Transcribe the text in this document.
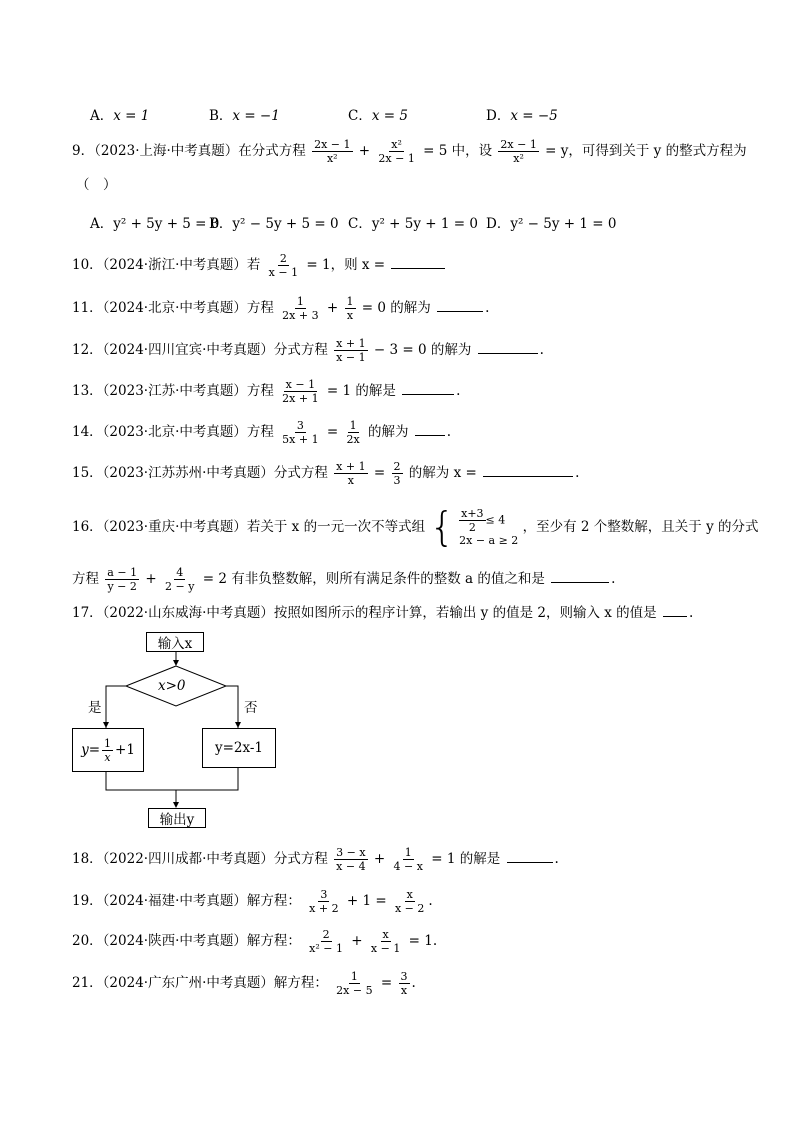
A．x = 1	B．x = −1	C．x = 5	D．x = −5
9．（2023·上海·中考真题）在分式方程 $\frac{2x - 1}{\text{x²}} + \frac{\text{x²}}{2x - 1} = 5$ 中，设 $\frac{2x - 1}{\text{x²}} = y$，可得到关于 y 的整式方程为
（　）
A．y² + 5y + 5 = 0
B．y² − 5y + 5 = 0 C．y² + 5y + 1 = 0 D．y² − 5y + 1 = 0
10．（2024·浙江·中考真题）若 $\frac{2}{x - 1} = 1$，则 x =
11．（2024·北京·中考真题）方程 $\frac{1}{2x + 3} + \frac{1}{x} = 0$ 的解为	.
12．（2024·四川宜宾·中考真题）分式方程 $\frac{x + 1}{x - 1} - 3 = 0$ 的解为	.
13．（2023·江苏·中考真题）方程 $\frac{x - 1}{2x + 1} = 1$ 的解是	.
14．（2023·北京·中考真题）方程 $\frac{3}{5x + 1} = \frac{1}{2x}$ 的解为	.
15．（2023·江苏苏州·中考真题）分式方程 $\frac{x + 1}{x} = \frac{2}{3}$ 的解为 x =	.
16．（2023·重庆·中考真题）若关于 x 的一元一次不等式组 { $\frac{x+3}{2} \le 4$
2x − a ≥ 2
，至少有 2 个整数解，且关于 y 的分式
方程 $\frac{a - 1}{y - 2} + \frac{4}{2 - y} = 2$ 有非负整数解，则所有满足条件的整数 a 的值之和是	.
17．（2022·山东威海·中考真题）按照如图所示的程序计算，若输出 y 的值是 2，则输入 x 的值是 .
输入x
x>0
是	否
$y= \frac{1}{x} +1$	y=2x-1
输出y
18．（2022·四川成都·中考真题）分式方程 $\frac{3 - x}{x - 4} + \frac{1}{4 - x} = 1$ 的解是	.
19．（2024·福建·中考真题）解方程： $\frac{3}{x + 2} + 1 = \frac{x}{x - 2}$ .
20．（2024·陕西·中考真题）解方程： $\frac{2}{\text{x² − 1}} + \frac{x}{x - 1} = 1$.
21．（2024·广东广州·中考真题）解方程： $\frac{1}{2x - 5} = \frac{3}{x}$ .
